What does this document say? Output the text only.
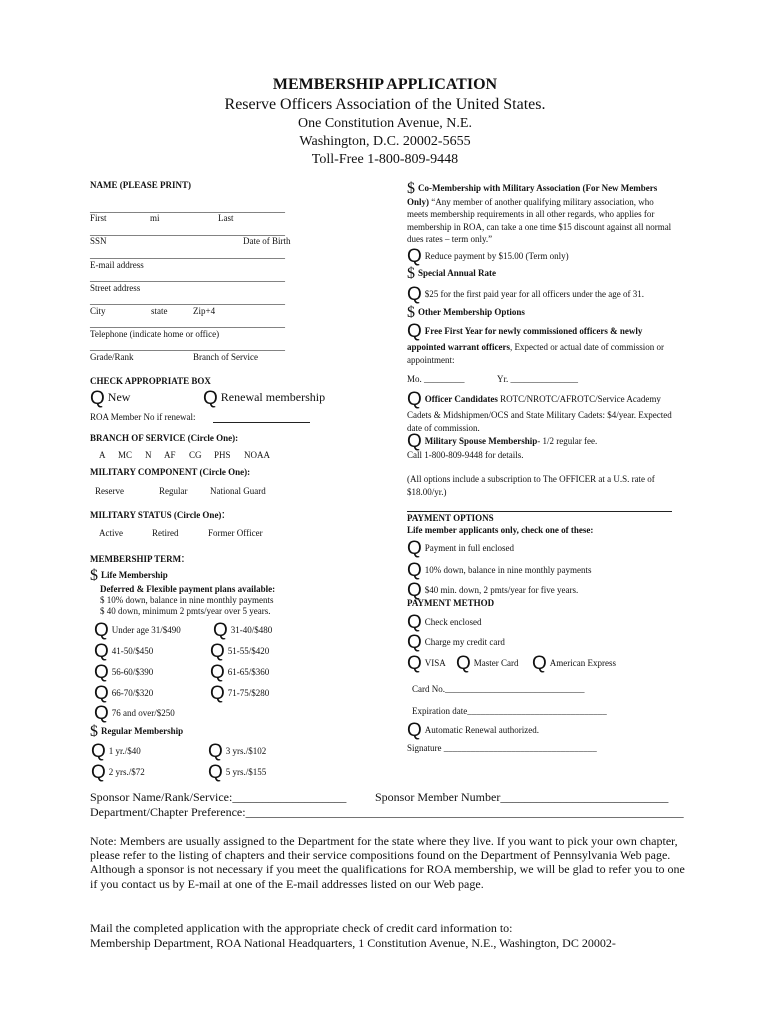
MEMBERSHIP APPLICATION
Reserve Officers Association of the United States.
One Constitution Avenue, N.E.
Washington, D.C. 20002-5655
Toll-Free 1-800-809-9448
NAME (PLEASE PRINT)
_______________________________________
First	mi	Last
_______________________________________
SSN	Date of Birth
_______________________________________
E-mail address
_______________________________________
Street address
_______________________________________
City	state	Zip+4
_______________________________________
Telephone (indicate home or office)
_______________________________________
Grade/Rank	Branch of Service
CHECK APPROPRIATE BOX
Q New	Q Renewal membership
ROA Member No if renewal:
BRANCH OF SERVICE (Circle One):
A MC N AF CG PHS NOAA
MILITARY COMPONENT (Circle One):
Reserve	Regular	National Guard
MILITARY STATUS (Circle One):
Active	Retired	Former Officer
MEMBERSHIP TERM:
$ Life Membership
Deferred & Flexible payment plans available:
$ 10% down, balance in nine monthly payments
$ 40 down, minimum 2 pmts/year over 5 years.
Q Under age 31/$490 Q 31-40/$480
Q 41-50/$450	Q 51-55/$420
Q 56-60/$390	Q 61-65/$360
Q 66-70/$320	Q 71-75/$280
Q 76 and over/$250
$ Regular Membership
Q 1 yr./$40	Q 3 yrs./$102
Q 2 yrs./$72	Q 5 yrs./$155
$ Co-Membership with Military Association (For New Members Only) “Any member of another qualifying military association, who meets membership requirements in all other regards, who applies for membership in ROA, can take a one time $15 discount against all normal dues rates – term only.”
Q Reduce payment by $15.00 (Term only)
$ Special Annual Rate
Q $25 for the first paid year for all officers under the age of 31.
$ Other Membership Options
Q Free First Year for newly commissioned officers & newly appointed warrant officers, Expected or actual date of commission or appointment:
Mo. _________	Yr. _______________
Q Officer Candidates ROTC/NROTC/AFROTC/Service Academy Cadets & Midshipmen/OCS and State Military Cadets: $4/year. Expected date of commission.
Q Military Spouse Membership- 1/2 regular fee.
Call 1-800-809-9448 for details.
(All options include a subscription to The OFFICER at a U.S. rate of $18.00/yr.)
PAYMENT OPTIONS
Life member applicants only, check one of these:
Q Payment in full enclosed
Q 10% down, balance in nine monthly payments
Q $40 min. down, 2 pmts/year for five years.
PAYMENT METHOD
Q Check enclosed
Q Charge my credit card
QVISA Q Master Card Q American Express
Card No._______________________________
Expiration date_______________________________
Q Automatic Renewal authorized.
Signature __________________________________
Sponsor Name/Rank/Service:___________________ Sponsor Member Number____________________________
Department/Chapter Preference:_________________________________________________________________________
Note: Members are usually assigned to the Department for the state where they live. If you want to pick your own chapter, please refer to the listing of chapters and their service compositions found on the Department of Pennsylvania Web page. Although a sponsor is not necessary if you meet the qualifications for ROA membership, we will be glad to refer you to one if you contact us by E-mail at one of the E-mail addresses listed on our Web page.
Mail the completed application with the appropriate check of credit card information to:
Membership Department, ROA National Headquarters, 1 Constitution Avenue, N.E., Washington, DC 20002-
